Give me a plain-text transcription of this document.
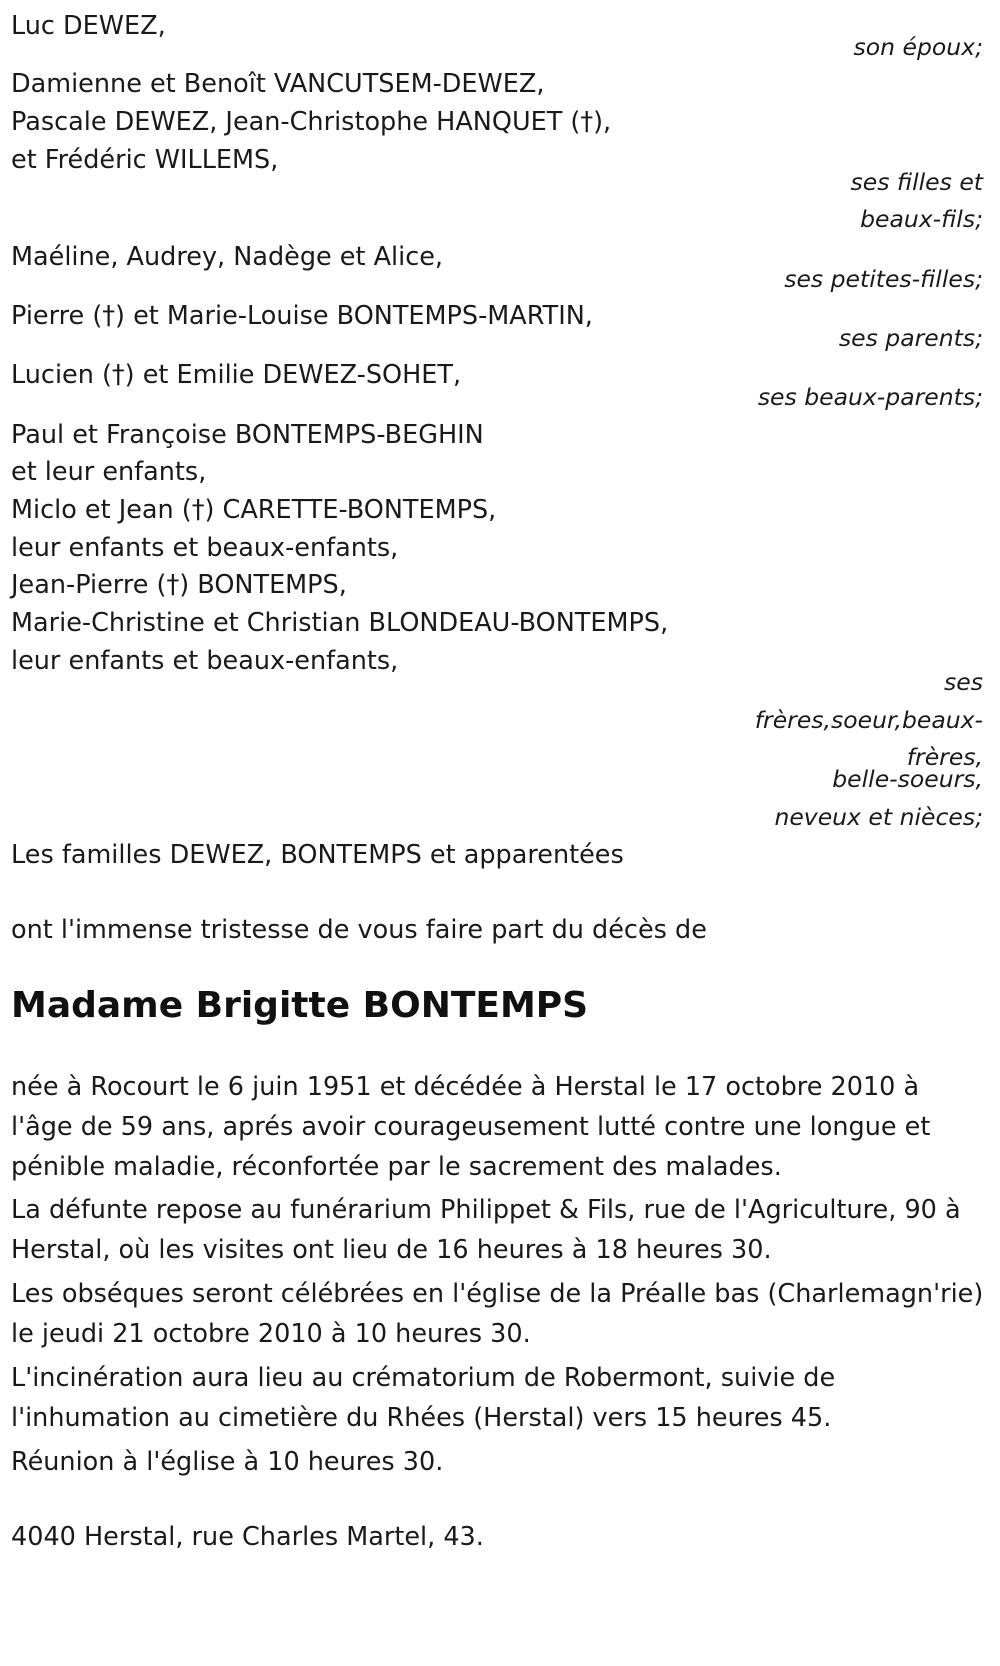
Luc DEWEZ,
son époux;
Damienne et Benoît VANCUTSEM-DEWEZ,
Pascale DEWEZ, Jean-Christophe HANQUET (†),
et Frédéric WILLEMS,
ses filles et
beaux-fils;
Maéline, Audrey, Nadège et Alice,
ses petites-filles;
Pierre (†) et Marie-Louise BONTEMPS-MARTIN,
ses parents;
Lucien (†) et Emilie DEWEZ-SOHET,
ses beaux-parents;
Paul et Françoise BONTEMPS-BEGHIN
et leur enfants,
Miclo et Jean (†) CARETTE-BONTEMPS,
leur enfants et beaux-enfants,
Jean-Pierre (†) BONTEMPS,
Marie-Christine et Christian BLONDEAU-BONTEMPS,
leur enfants et beaux-enfants,
ses
frères,soeur,beaux-
frères,
belle-soeurs,
neveux et nièces;
Les familles DEWEZ, BONTEMPS et apparentées
ont l'immense tristesse de vous faire part du décès de
Madame Brigitte BONTEMPS
née à Rocourt le 6 juin 1951 et décédée à Herstal le 17 octobre 2010 à l'âge de 59 ans, aprés avoir courageusement lutté contre une longue et pénible maladie, réconfortée par le sacrement des malades.
La défunte repose au funérarium Philippet & Fils, rue de l'Agriculture, 90 à Herstal, où les visites ont lieu de 16 heures à 18 heures 30.
Les obséques seront célébrées en l'église de la Préalle bas (Charlemagn'rie) le jeudi 21 octobre 2010 à 10 heures 30.
L'incinération aura lieu au crématorium de Robermont, suivie de l'inhumation au cimetière du Rhées (Herstal) vers 15 heures 45.
Réunion à l'église à 10 heures 30.
4040 Herstal, rue Charles Martel, 43.
